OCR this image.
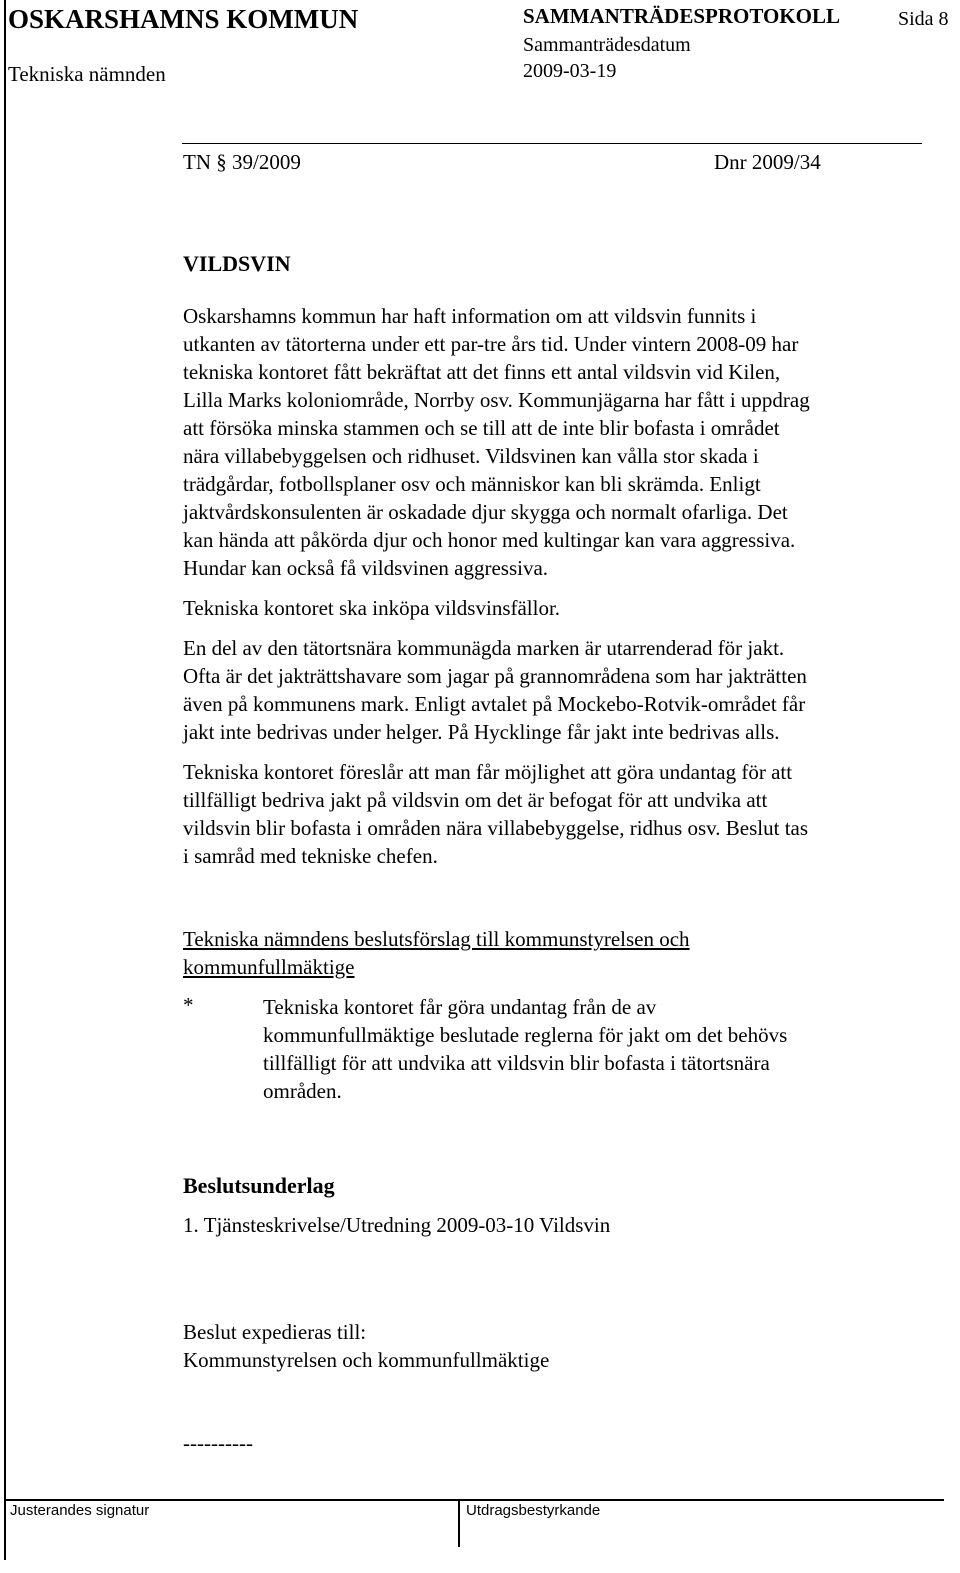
OSKARSHAMNS KOMMUN
Tekniska nämnden
SAMMANTRÄDESPROTOKOLL
Sammanträdesdatum
2009-03-19
Sida 8
TN § 39/2009	Dnr 2009/34
VILDSVIN
Oskarshamns kommun har haft information om att vildsvin funnits i
utkanten av tätorterna under ett par-tre års tid. Under vintern 2008-09 har
tekniska kontoret fått bekräftat att det finns ett antal vildsvin vid Kilen,
Lilla Marks koloniområde, Norrby osv. Kommunjägarna har fått i uppdrag
att försöka minska stammen och se till att de inte blir bofasta i området
nära villabebyggelsen och ridhuset. Vildsvinen kan vålla stor skada i
trädgårdar, fotbollsplaner osv och människor kan bli skrämda. Enligt
jaktvårdskonsulenten är oskadade djur skygga och normalt ofarliga. Det
kan hända att påkörda djur och honor med kultingar kan vara aggressiva.
Hundar kan också få vildsvinen aggressiva.
Tekniska kontoret ska inköpa vildsvinsfällor.
En del av den tätortsnära kommunägda marken är utarrenderad för jakt.
Ofta är det jakträttshavare som jagar på grannområdena som har jakträtten
även på kommunens mark. Enligt avtalet på Mockebo-Rotvik-området får
jakt inte bedrivas under helger. På Hycklinge får jakt inte bedrivas alls.
Tekniska kontoret föreslår att man får möjlighet att göra undantag för att
tillfälligt bedriva jakt på vildsvin om det är befogat för att undvika att
vildsvin blir bofasta i områden nära villabebyggelse, ridhus osv. Beslut tas
i samråd med tekniske chefen.
Tekniska nämndens beslutsförslag till kommunstyrelsen och
kommunfullmäktige
*	Tekniska kontoret får göra undantag från de av
kommunfullmäktige beslutade reglerna för jakt om det behövs
tillfälligt för att undvika att vildsvin blir bofasta i tätortsnära
områden.
Beslutsunderlag
1. Tjänsteskrivelse/Utredning 2009-03-10 Vildsvin
Beslut expedieras till:
Kommunstyrelsen och kommunfullmäktige
----------
Justerandes signatur	Utdragsbestyrkande
